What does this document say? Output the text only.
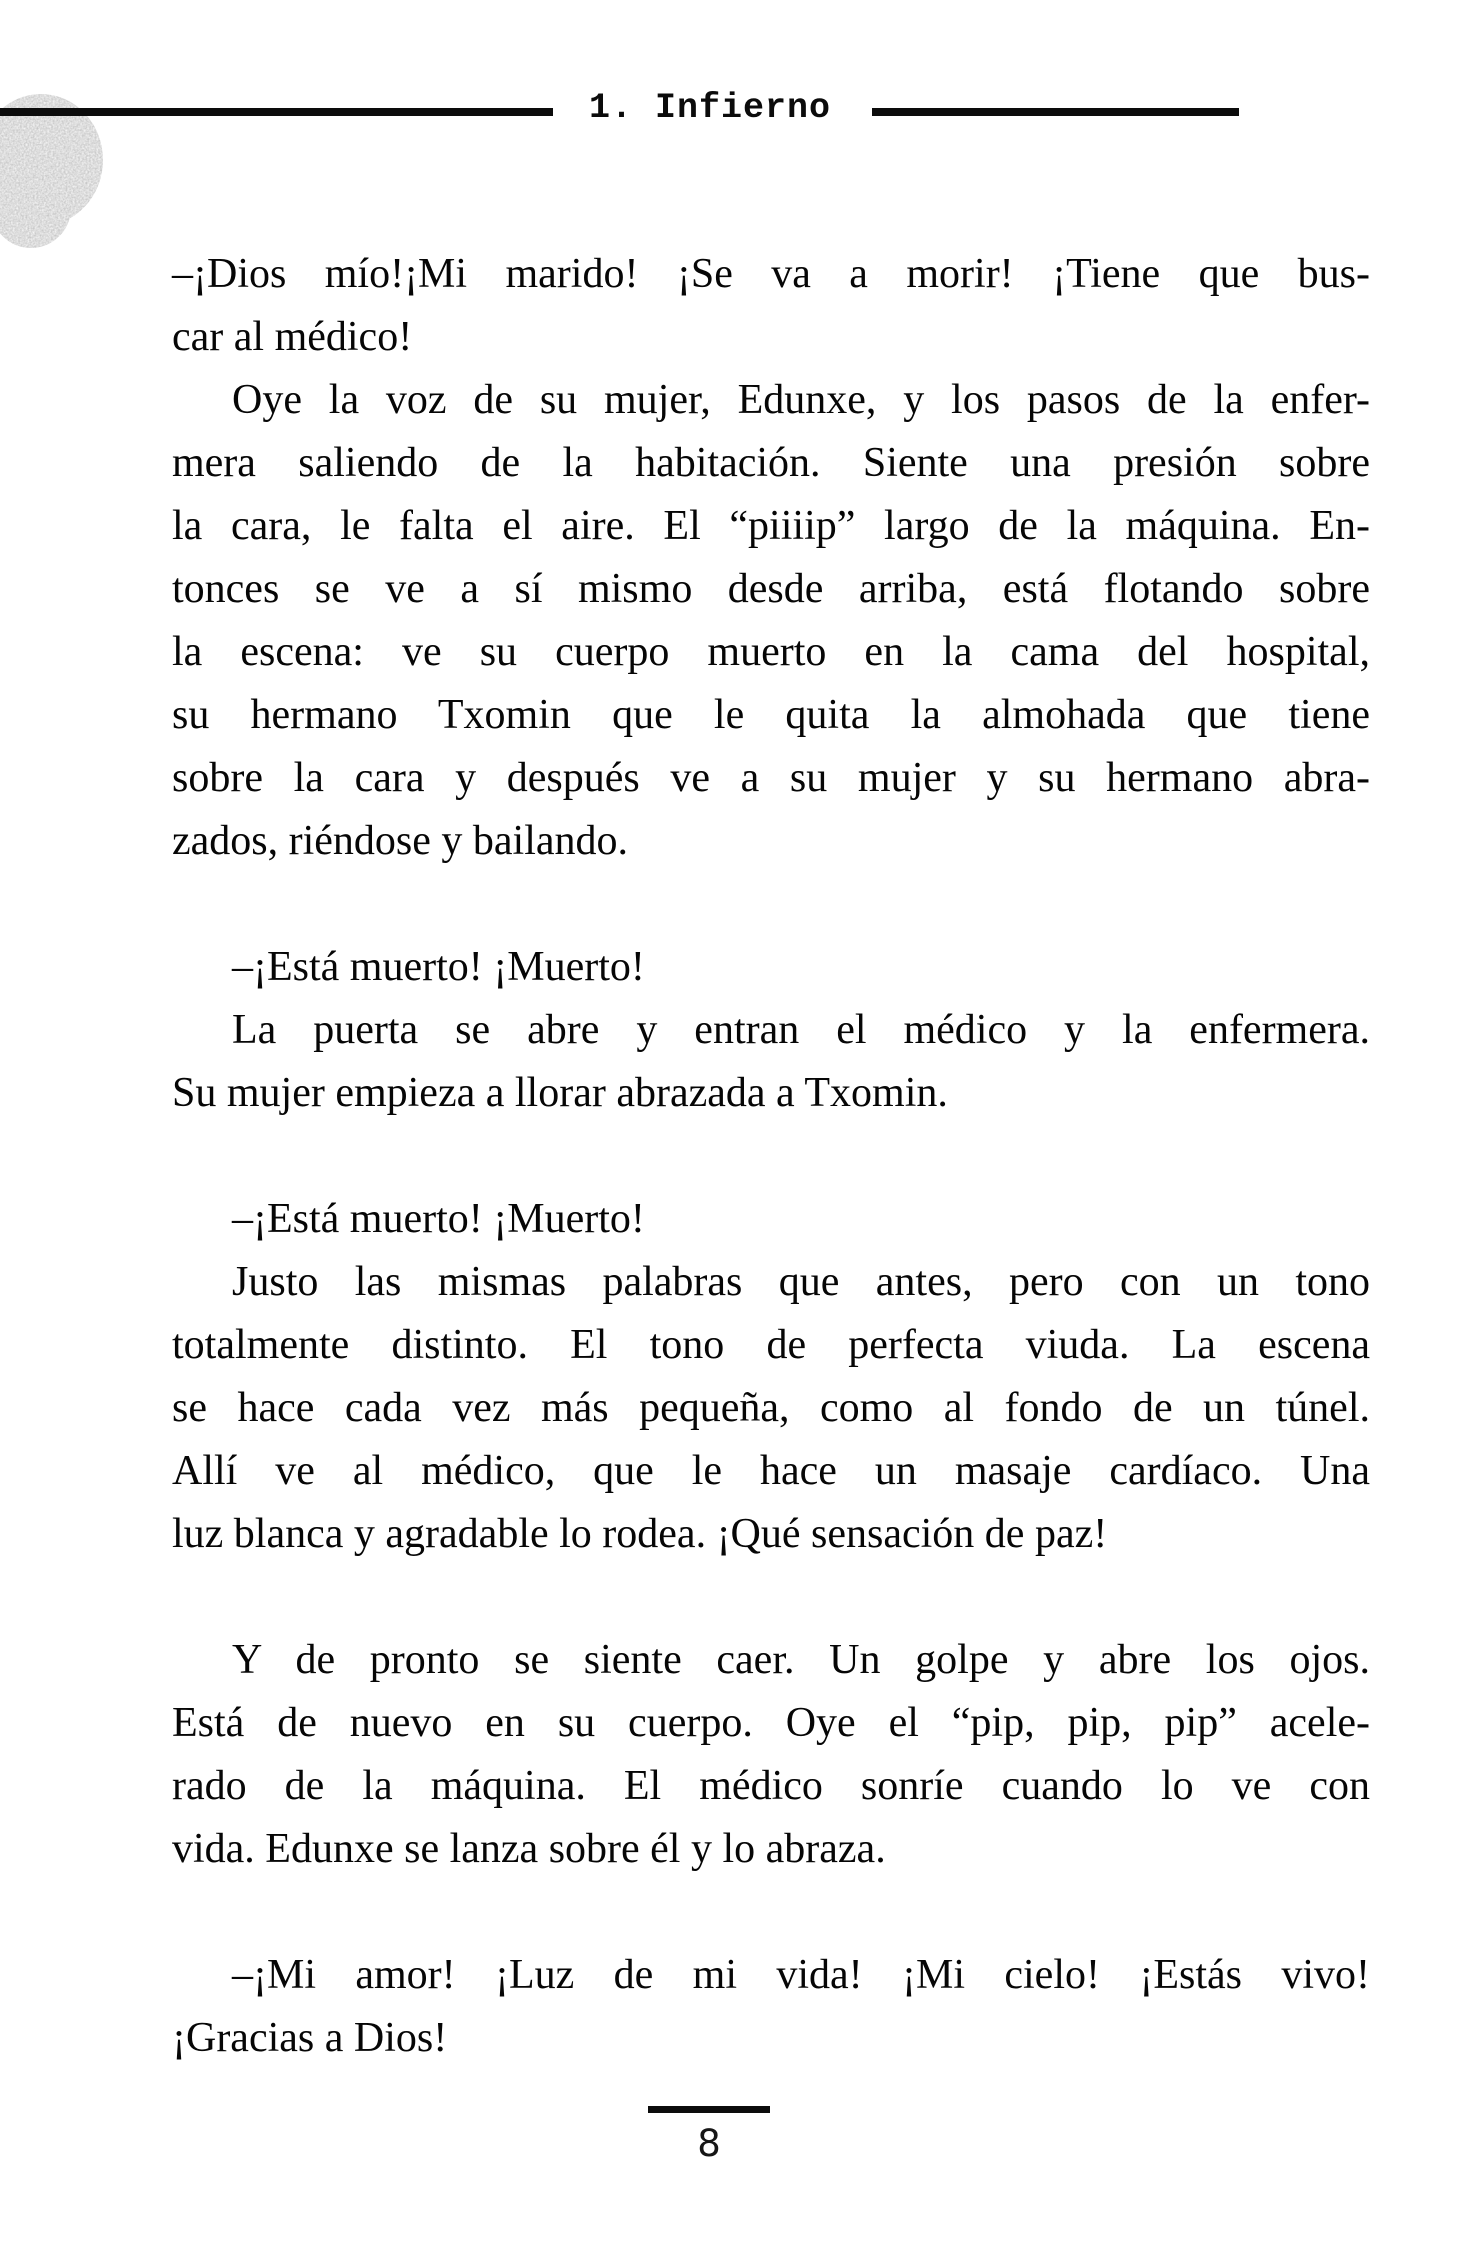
1. Infierno
–¡Dios mío!¡Mi marido! ¡Se va a morir! ¡Tiene que bus-
car al médico!
Oye la voz de su mujer, Edunxe, y los pasos de la enfer-
mera saliendo de la habitación. Siente una presión sobre
la cara, le falta el aire. El “piiiip” largo de la máquina. En-
tonces se ve a sí mismo desde arriba, está flotando sobre
la escena: ve su cuerpo muerto en la cama del hospital,
su hermano Txomin que le quita la almohada que tiene
sobre la cara y después ve a su mujer y su hermano abra-
zados, riéndose y bailando.
–¡Está muerto! ¡Muerto!
La puerta se abre y entran el médico y la enfermera.
Su mujer empieza a llorar abrazada a Txomin.
–¡Está muerto! ¡Muerto!
Justo las mismas palabras que antes, pero con un tono
totalmente distinto. El tono de perfecta viuda. La escena
se hace cada vez más pequeña, como al fondo de un túnel.
Allí ve al médico, que le hace un masaje cardíaco. Una
luz blanca y agradable lo rodea. ¡Qué sensación de paz!
Y de pronto se siente caer. Un golpe y abre los ojos.
Está de nuevo en su cuerpo. Oye el “pip, pip, pip” acele-
rado de la máquina. El médico sonríe cuando lo ve con
vida. Edunxe se lanza sobre él y lo abraza.
–¡Mi amor! ¡Luz de mi vida! ¡Mi cielo! ¡Estás vivo!
¡Gracias a Dios!
8
